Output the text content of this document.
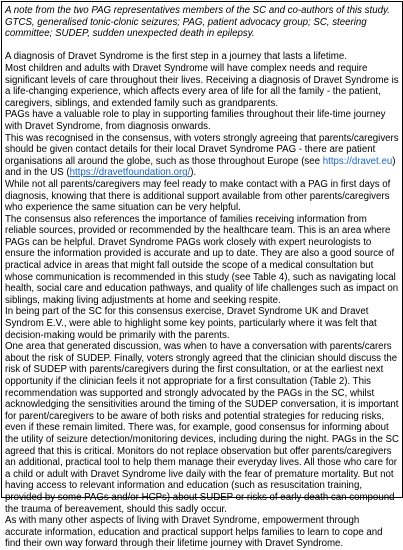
A note from the two PAG representatives members of the SC and co-authors of this study. GTCS, generalised tonic-clonic seizures; PAG, patient advocacy group; SC, steering committee; SUDEP, sudden unexpected death in epilepsy.

A diagnosis of Dravet Syndrome is the first step in a journey that lasts a lifetime.

Most children and adults with Dravet Syndrome will have complex needs and require significant levels of care throughout their lives. Receiving a diagnosis of Dravet Syndrome is a life-changing experience, which affects every area of life for all the family - the patient, caregivers, siblings, and extended family such as grandparents.

PAGs have a valuable role to play in supporting families throughout their life-time journey with Dravet Syndrome, from diagnosis onwards.

This was recognised in the consensus, with voters strongly agreeing that parents/caregivers should be given contact details for their local Dravet Syndrome PAG - there are patient organisations all around the globe, such as those throughout Europe (see https://dravet.eu) and in the US (https://dravetfoundation.org/).

While not all parents/caregivers may feel ready to make contact with a PAG in first days of diagnosis, knowing that there is additional support available from other parents/caregivers who experience the same situation can be very helpful.

The consensus also references the importance of families receiving information from reliable sources, provided or recommended by the healthcare team. This is an area where PAGs can be helpful. Dravet Syndrome PAGs work closely with expert neurologists to ensure the information provided is accurate and up to date. They are also a good source of practical advice in areas that might fall outside the scope of a medical consultation but whose communication is recommended in this study (see Table 4), such as navigating local health, social care and education pathways, and quality of life challenges such as impact on siblings, making living adjustments at home and seeking respite.

In being part of the SC for this consensus exercise, Dravet Syndrome UK and Dravet Syndrom E.V., were able to highlight some key points, particularly where it was felt that decision-making would be primarily with the parents.

One area that generated discussion, was when to have a conversation with parents/carers about the risk of SUDEP. Finally, voters strongly agreed that the clinician should discuss the risk of SUDEP with parents/caregivers during the first consultation, or at the earliest next opportunity if the clinician feels it not appropriate for a first consultation (Table 2). This recommendation was supported and strongly advocated by the PAGs in the SC, whilst acknowledging the sensitivities around the timing of the SUDEP conversation, it is important for parent/caregivers to be aware of both risks and potential strategies for reducing risks, even if these remain limited. There was, for example, good consensus for informing about the utility of seizure detection/monitoring devices, including during the night. PAGs in the SC agreed that this is critical. Monitors do not replace observation but offer parents/caregivers an additional, practical tool to help them manage their everyday lives. All those who care for a child or adult with Dravet Syndrome live daily with the fear of premature mortality. But not having access to relevant information and education (such as resuscitation training, provided by some PAGs and/or HCPs) about SUDEP or risks of early death can compound the trauma of bereavement, should this sadly occur.

As with many other aspects of living with Dravet Syndrome, empowerment through accurate information, education and practical support helps families to learn to cope and find their own way forward through their lifetime journey with Dravet Syndrome.
